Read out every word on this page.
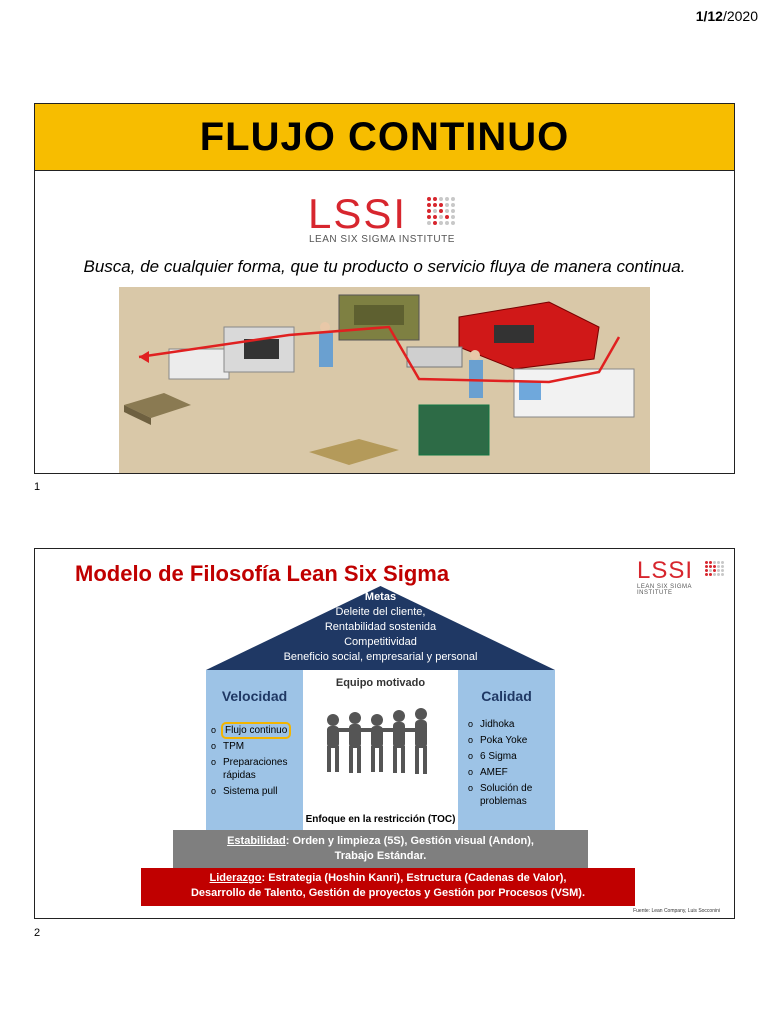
1/12/2020
FLUJO CONTINUO
LSSI
LEAN SIX SIGMA INSTITUTE
Busca, de cualquier forma, que tu producto o servicio fluya de manera continua.
1
Modelo de Filosofía Lean Six Sigma	LSSI
LEAN SIX SIGMA INSTITUTE
Metas
Deleite del cliente,
Rentabilidad sostenida
Competitividad
Beneficio social, empresarial y personal
Velocidad
o Flujo continuo
o TPM
o Preparaciones rápidas
o Sistema pull
Equipo motivado
Enfoque en la restricción (TOC)
Calidad
o Jidhoka
o Poka Yoke
o 6 Sigma
o AMEF
o Solución de problemas
Estabilidad: Orden y limpieza (5S), Gestión visual (Andon),
Trabajo Estándar.
Liderazgo: Estrategia (Hoshin Kanri), Estructura (Cadenas de Valor),
Desarrollo de Talento, Gestión de proyectos y Gestión por Procesos (VSM).
Fuente: Lean Company, Luis Socconini
2
